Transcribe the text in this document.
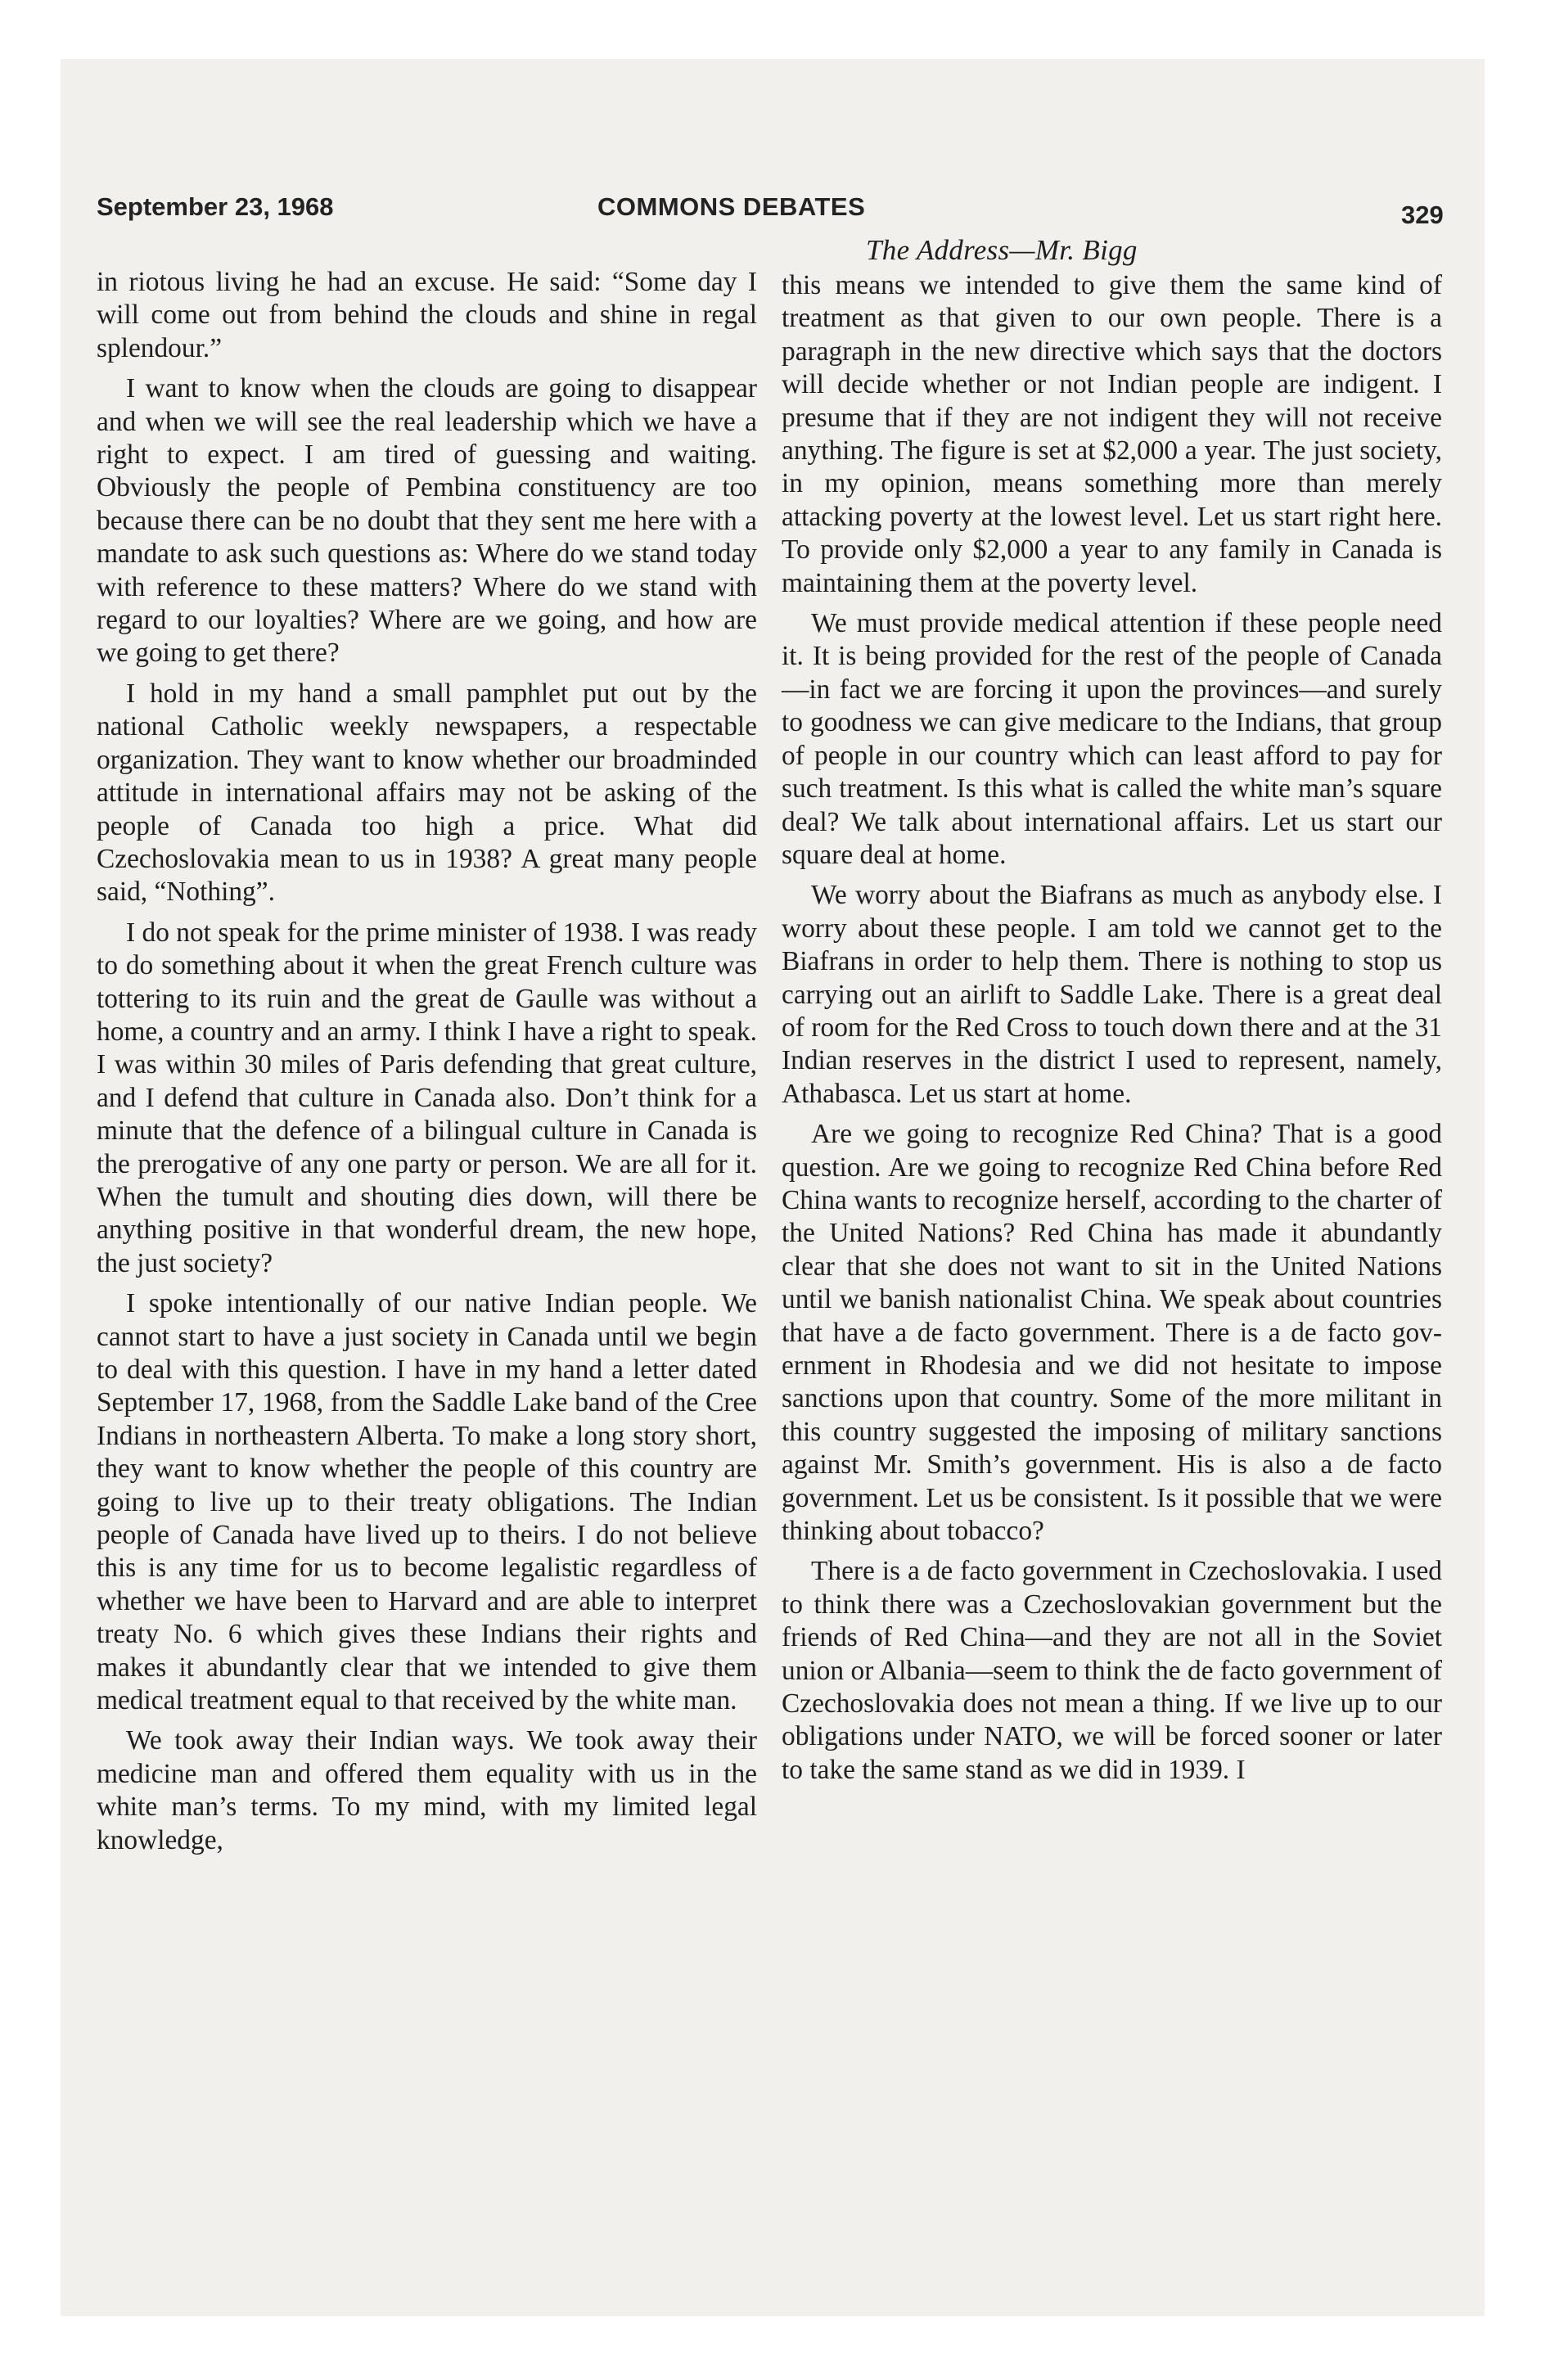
September 23, 1968	COMMONS DEBATES	329
The Address—Mr. Bigg

in riotous living he had an excuse. He said: “Some day I will come out from behind the clouds and shine in regal splendour.”

I want to know when the clouds are going to disappear and when we will see the real leadership which we have a right to expect. I am tired of guessing and waiting. Obviously the people of Pembina constituency are too because there can be no doubt that they sent me here with a mandate to ask such questions as: Where do we stand today with reference to these matters? Where do we stand with regard to our loyalties? Where are we going, and how are we going to get there?

I hold in my hand a small pamphlet put out by the national Catholic weekly newspapers, a respectable organization. They want to know whether our broadminded attitude in international affairs may not be asking of the people of Canada too high a price. What did Czechoslovakia mean to us in 1938? A great many people said, “Nothing”.

I do not speak for the prime minister of 1938. I was ready to do something about it when the great French culture was tottering to its ruin and the great de Gaulle was without a home, a country and an army. I think I have a right to speak. I was within 30 miles of Paris defending that great culture, and I defend that culture in Canada also. Don’t think for a minute that the defence of a bilingual culture in Canada is the prerogative of any one party or person. We are all for it. When the tumult and shouting dies down, will there be anything positive in that wonderful dream, the new hope, the just society?

I spoke intentionally of our native Indian people. We cannot start to have a just society in Canada until we begin to deal with this question. I have in my hand a letter dated September 17, 1968, from the Saddle Lake band of the Cree Indians in northeastern Alberta. To make a long story short, they want to know whether the people of this country are going to live up to their treaty obligations. The Indian people of Canada have lived up to theirs. I do not believe this is any time for us to become legalistic regardless of whether we have been to Harvard and are able to interpret treaty No. 6 which gives these Indians their rights and makes it abundantly clear that we intended to give them medical treatment equal to that received by the white man.

We took away their Indian ways. We took away their medicine man and offered them equality with us in the white man’s terms. To my mind, with my limited legal knowledge,

this means we intended to give them the same kind of treatment as that given to our own people. There is a paragraph in the new directive which says that the doctors will decide whether or not Indian people are indigent. I presume that if they are not indigent they will not receive anything. The figure is set at $2,000 a year. The just society, in my opinion, means something more than merely attacking poverty at the lowest level. Let us start right here. To provide only $2,000 a year to any family in Canada is maintaining them at the poverty level.

We must provide medical attention if these people need it. It is being provided for the rest of the people of Canada—in fact we are forcing it upon the provinces—and surely to goodness we can give medicare to the Indians, that group of people in our country which can least afford to pay for such treatment. Is this what is called the white man’s square deal? We talk about international affairs. Let us start our square deal at home.

We worry about the Biafrans as much as anybody else. I worry about these people. I am told we cannot get to the Biafrans in order to help them. There is nothing to stop us carrying out an airlift to Saddle Lake. There is a great deal of room for the Red Cross to touch down there and at the 31 Indian reserves in the district I used to represent, namely, Athabasca. Let us start at home.

Are we going to recognize Red China? That is a good question. Are we going to recognize Red China before Red China wants to recognize herself, according to the charter of the United Nations? Red China has made it abundantly clear that she does not want to sit in the United Nations until we banish nationalist China. We speak about countries that have a de facto government. There is a de facto government in Rhodesia and we did not hesitate to impose sanctions upon that country. Some of the more militant in this country suggested the imposing of military sanctions against Mr. Smith’s government. His is also a de facto government. Let us be consistent. Is it possible that we were thinking about tobacco?

There is a de facto government in Czechoslovakia. I used to think there was a Czechoslovakian government but the friends of Red China—and they are not all in the Soviet union or Albania—seem to think the de facto government of Czechoslovakia does not mean a thing. If we live up to our obligations under NATO, we will be forced sooner or later to take the same stand as we did in 1939. I
